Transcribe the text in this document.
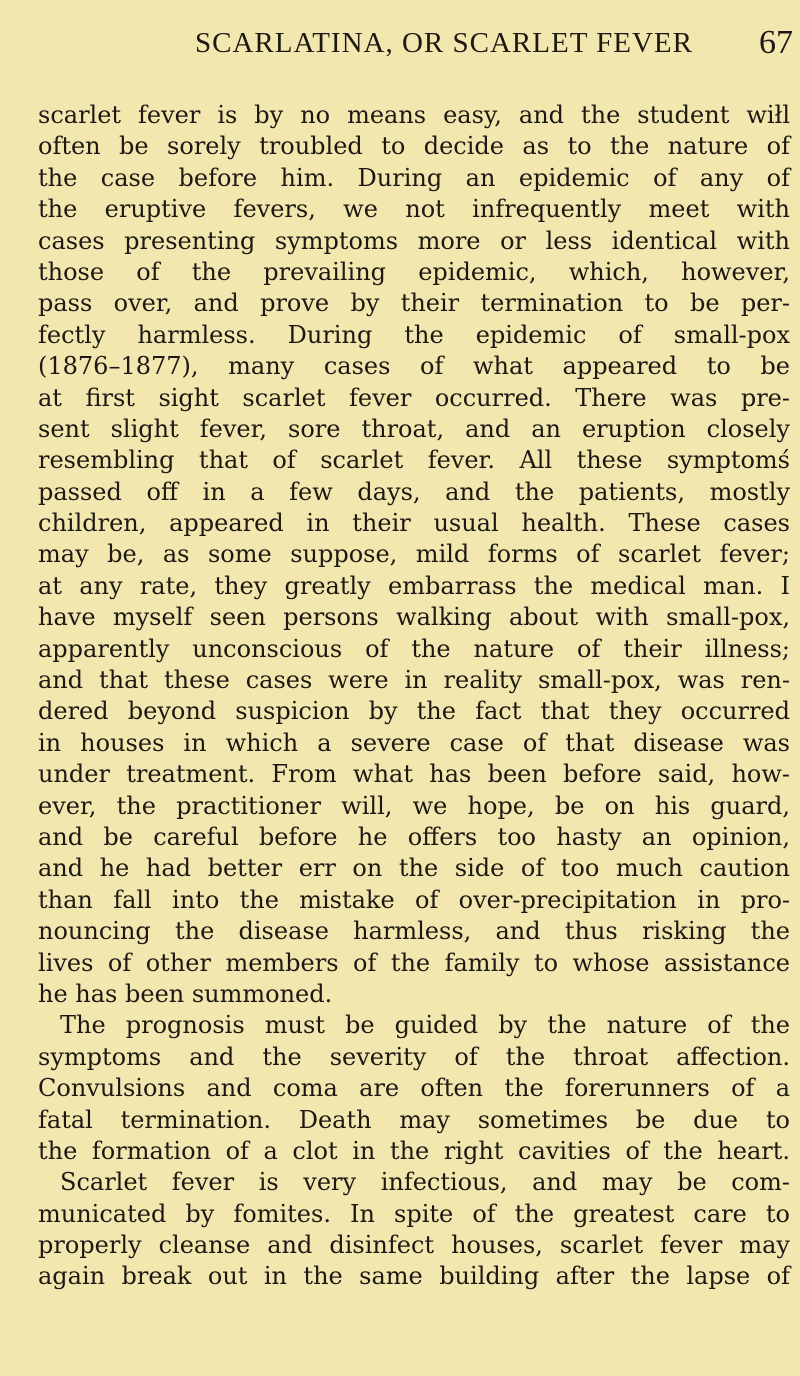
SCARLATINA, OR SCARLET FEVER	67
scarlet fever is by no means easy, and the student wiłl
often be sorely troubled to decide as to the nature of
the case before him. During an epidemic of any of
the eruptive fevers, we not infrequently meet with
cases presenting symptoms more or less identical with
those of the prevailing epidemic, which, however,
pass over, and prove by their termination to be per-
fectly harmless. During the epidemic of small-pox
(1876–1877), many cases of what appeared to be
at first sight scarlet fever occurred. There was pre-
sent slight fever, sore throat, and an eruption closely
resembling that of scarlet fever. All these symptomś
passed off in a few days, and the patients, mostly
children, appeared in their usual health. These cases
may be, as some suppose, mild forms of scarlet fever;
at any rate, they greatly embarrass the medical man. I
have myself seen persons walking about with small-pox,
apparently unconscious of the nature of their illness;
and that these cases were in reality small-pox, was ren-
dered beyond suspicion by the fact that they occurred
in houses in which a severe case of that disease was
under treatment. From what has been before said, how-
ever, the practitioner will, we hope, be on his guard,
and be careful before he offers too hasty an opinion,
and he had better err on the side of too much caution
than fall into the mistake of over-precipitation in pro-
nouncing the disease harmless, and thus risking the
lives of other members of the family to whose assistance
he has been summoned.
The prognosis must be guided by the nature of the
symptoms and the severity of the throat affection.
Convulsions and coma are often the forerunners of a
fatal termination. Death may sometimes be due to
the formation of a clot in the right cavities of the heart.
Scarlet fever is very infectious, and may be com-
municated by fomites. In spite of the greatest care to
properly cleanse and disinfect houses, scarlet fever may
again break out in the same building after the lapse of
